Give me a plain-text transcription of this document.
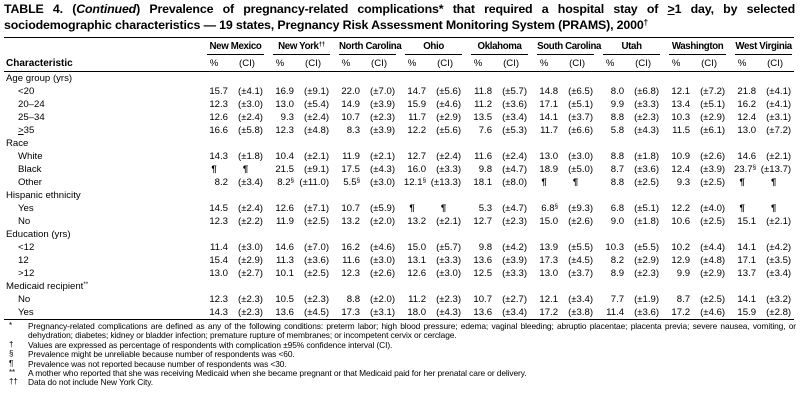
TABLE 4. (Continued) Prevalence of pregnancy-related complications* that required a hospital stay of ≥1 day, by selected sociodemographic characteristics — 19 states, Pregnancy Risk Assessment Monitoring System (PRAMS), 2000†

	New Mexico		New York††		North Carolina		Ohio		Oklahoma		South Carolina		Utah		Washington		West Virginia	

Characteristic	%	(CI)	%	(CI)	%	(CI)	%	(CI)	%	(CI)	%	(CI)	%	(CI)	%	(CI)	%	(CI)
Age group (yrs)																		
<20	15.7	(±4.1)	16.9	(±9.1)	22.0	(±7.0)	14.7	(±5.6)	11.8	(±5.7)	14.8	(±6.5)	8.0	(±6.8)	12.1	(±7.2)	21.8	(±4.1)
20–24	12.3	(±3.0)	13.0	(±5.4)	14.9	(±3.9)	15.9	(±4.6)	11.2	(±3.6)	17.1	(±5.1)	9.9	(±3.3)	13.4	(±5.1)	16.2	(±4.1)
25–34	12.6	(±2.4)	9.3	(±2.4)	10.7	(±2.3)	11.7	(±2.9)	13.5	(±3.4)	14.1	(±3.7)	8.8	(±2.3)	10.3	(±2.9)	12.4	(±3.1)
≥35	16.6	(±5.8)	12.3	(±4.8)	8.3	(±3.9)	12.2	(±5.6)	7.6	(±5.3)	11.7	(±6.6)	5.8	(±4.3)	11.5	(±6.1)	13.0	(±7.2)
Race																		
White	14.3	(±1.8)	10.4	(±2.1)	11.9	(±2.1)	12.7	(±2.4)	11.6	(±2.4)	13.0	(±3.0)	8.8	(±1.8)	10.9	(±2.6)	14.6	(±2.1)
Black	¶	¶	21.5	(±9.1)	17.5	(±4.3)	16.0	(±3.3)	9.8	(±4.7)	18.9	(±5.0)	8.7	(±3.6)	12.4	(±3.9)	23.7§	(±13.7)
Other	8.2	(±3.4)	8.2§	(±11.0)	5.5§	(±3.0)	12.1§	(±13.3)	18.1	(±8.0)	¶	¶	8.8	(±2.5)	9.3	(±2.5)	¶	¶
Hispanic ethnicity																		
Yes	14.5	(±2.4)	12.6	(±7.1)	10.7	(±5.9)	¶	¶	5.3	(±4.7)	6.8§	(±9.3)	6.8	(±5.1)	12.2	(±4.0)	¶	¶
No	12.3	(±2.2)	11.9	(±2.5)	13.2	(±2.0)	13.2	(±2.1)	12.7	(±2.3)	15.0	(±2.6)	9.0	(±1.8)	10.6	(±2.5)	15.1	(±2.1)
Education (yrs)																		
<12	11.4	(±3.0)	14.6	(±7.0)	16.2	(±4.6)	15.0	(±5.7)	9.8	(±4.2)	13.9	(±5.5)	10.3	(±5.5)	10.2	(±4.4)	14.1	(±4.2)
12	15.4	(±2.9)	11.3	(±3.6)	11.6	(±3.0)	13.1	(±3.3)	13.6	(±3.9)	17.3	(±4.5)	8.2	(±2.9)	12.9	(±4.8)	17.1	(±3.5)
>12	13.0	(±2.7)	10.1	(±2.5)	12.3	(±2.6)	12.6	(±3.0)	12.5	(±3.3)	13.0	(±3.7)	8.9	(±2.3)	9.9	(±2.9)	13.7	(±3.4)
Medicaid recipient**
No	12.3	(±2.3)	10.5	(±2.3)	8.8	(±2.0)	11.2	(±2.3)	10.7	(±2.7)	12.1	(±3.4)	7.7	(±1.9)	8.7	(±2.5)	14.1	(±3.2)
Yes	14.3	(±2.3)	13.6	(±4.5)	17.3	(±3.1)	18.0	(±4.3)	13.6	(±3.4)	17.2	(±3.8)	11.4	(±3.6)	17.2	(±4.6)	15.9	(±2.8)
* Pregnancy-related complications are defined as any of the following conditions: preterm labor; high blood pressure; edema; vaginal bleeding; abruptio placentae; placenta previa; severe nausea, vomiting, or dehydration; diabetes; kidney or bladder infection; premature rupture of membranes; or incompetent cervix or cerclage.
† Values are expressed as percentage of respondents with complication ±95% confidence interval (CI).
§ Prevalence might be unreliable because number of respondents was <60.
¶ Prevalence was not reported because number of respondents was <30.
** A mother who reported that she was receiving Medicaid when she became pregnant or that Medicaid paid for her prenatal care or delivery.
†† Data do not include New York City.
